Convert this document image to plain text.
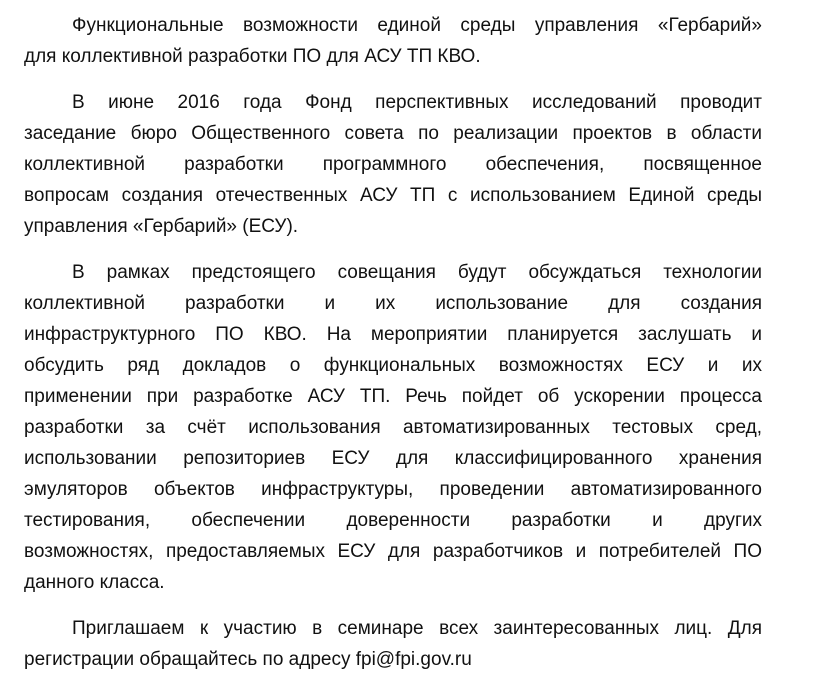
Функциональные возможности единой среды управления «Гербарий»
для коллективной разработки ПО для АСУ ТП КВО.

В июне 2016 года Фонд перспективных исследований проводит
заседание бюро Общественного совета по реализации проектов в области
коллективной разработки программного обеспечения, посвященное
вопросам создания отечественных АСУ ТП с использованием Единой среды
управления «Гербарий» (ЕСУ).

В рамках предстоящего совещания будут обсуждаться технологии
коллективной разработки и их использование для создания
инфраструктурного ПО КВО. На мероприятии планируется заслушать и
обсудить ряд докладов о функциональных возможностях ЕСУ и их
применении при разработке АСУ ТП. Речь пойдет об ускорении процесса
разработки за счёт использования автоматизированных тестовых сред,
использовании репозиториев ЕСУ для классифицированного хранения
эмуляторов объектов инфраструктуры, проведении автоматизированного
тестирования, обеспечении доверенности разработки и других
возможностях, предоставляемых ЕСУ для разработчиков и потребителей ПО
данного класса.

Приглашаем к участию в семинаре всех заинтересованных лиц. Для
регистрации обращайтесь по адресу fpi@fpi.gov.ru
